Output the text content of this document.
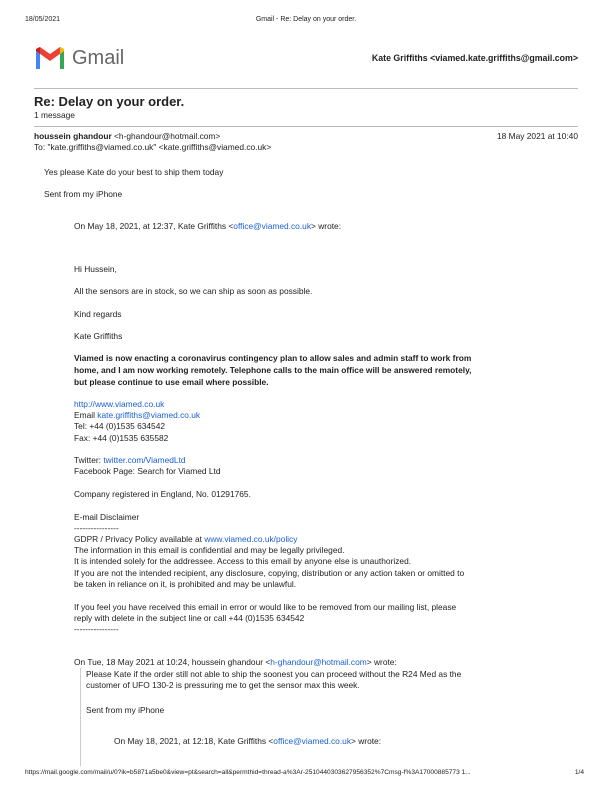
18/05/2021	Gmail - Re: Delay on your order.
Gmail	Kate Griffiths <viamed.kate.griffiths@gmail.com>
Re: Delay on your order.
1 message
houssein ghandour <h-ghandour@hotmail.com>	18 May 2021 at 10:40
To: "kate.griffiths@viamed.co.uk" <kate.griffiths@viamed.co.uk>
Yes please Kate do your best to ship them today
Sent from my iPhone
On May 18, 2021, at 12:37, Kate Griffiths <office@viamed.co.uk> wrote:
Hi Hussein,
All the sensors are in stock, so we can ship as soon as possible.
Kind regards
Kate Griffiths
Viamed is now enacting a coronavirus contingency plan to allow sales and admin staff to work from
home, and I am now working remotely. Telephone calls to the main office will be answered remotely,
but please continue to use email where possible.
http://www.viamed.co.uk
Email kate.griffiths@viamed.co.uk
Tel: +44 (0)1535 634542
Fax: +44 (0)1535 635582
Twitter: twitter.com/ViamedLtd
Facebook Page: Search for Viamed Ltd
Company registered in England, No. 01291765.
E-mail Disclaimer
----------------
GDPR / Privacy Policy available at www.viamed.co.uk/policy
The information in this email is confidential and may be legally privileged.
It is intended solely for the addressee. Access to this email by anyone else is unauthorized.
If you are not the intended recipient, any disclosure, copying, distribution or any action taken or omitted to
be taken in reliance on it, is prohibited and may be unlawful.
If you feel you have received this email in error or would like to be removed from our mailing list, please
reply with delete in the subject line or call +44 (0)1535 634542
----------------
On Tue, 18 May 2021 at 10:24, houssein ghandour <h-ghandour@hotmail.com> wrote:
Please Kate if the order still not able to ship the soonest you can proceed without the R24 Med as the
customer of UFO 130-2 is pressuring me to get the sensor max this week.
Sent from my iPhone
On May 18, 2021, at 12:18, Kate Griffiths <office@viamed.co.uk> wrote:
https://mail.google.com/mail/u/0?ik=b5871a5be0&view=pt&search=all&permthid=thread-a%3Ar-2510440303627956352%7Cmsg-f%3A17000885773 1...	1/4
